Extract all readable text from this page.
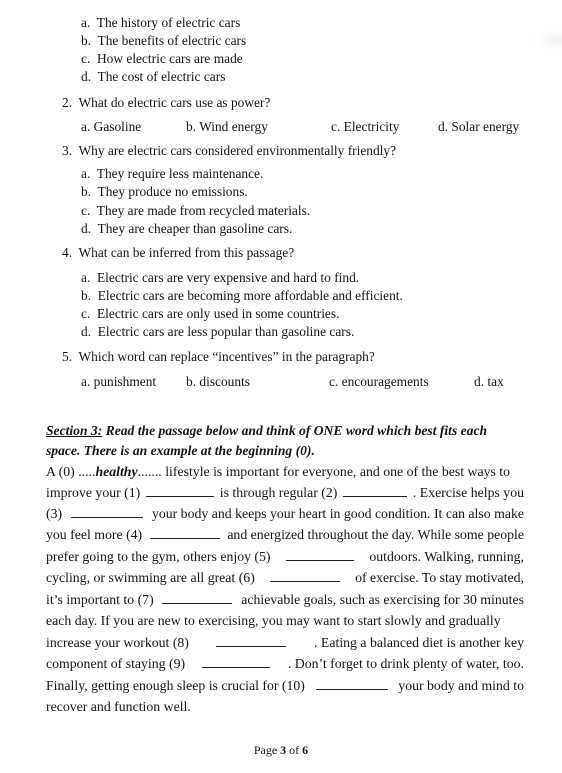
a. The history of electric cars
b. The benefits of electric cars
c. How electric cars are made
d. The cost of electric cars
2. What do electric cars use as power?
a. Gasoline	b. Wind energy	c. Electricity	d. Solar energy
3. Why are electric cars considered environmentally friendly?
a. They require less maintenance.
b. They produce no emissions.
c. They are made from recycled materials.
d. They are cheaper than gasoline cars.
4. What can be inferred from this passage?
a. Electric cars are very expensive and hard to find.
b. Electric cars are becoming more affordable and efficient.
c. Electric cars are only used in some countries.
d. Electric cars are less popular than gasoline cars.
5. Which word can replace “incentives” in the paragraph?
a. punishment b. discounts	c. encouragements	d. tax
Section 3: Read the passage below and think of ONE word which best fits each
space. There is an example at the beginning (0).
A (0) .....healthy....... lifestyle is important for everyone, and one of the best ways to
improve your (1)	is through regular (2)	. Exercise helps you
(3)	your body and keeps your heart in good condition. It can also make
you feel more (4)	and energized throughout the day. While some people
prefer going to the gym, others enjoy (5)	outdoors. Walking, running,
cycling, or swimming are all great (6)	of exercise. To stay motivated,
it’s important to (7)	achievable goals, such as exercising for 30 minutes
each day. If you are new to exercising, you may want to start slowly and gradually
increase your workout (8)	. Eating a balanced diet is another key
component of staying (9)	. Don’t forget to drink plenty of water, too.
Finally, getting enough sleep is crucial for (10)	your body and mind to
recover and function well.
Page 3 of 6
